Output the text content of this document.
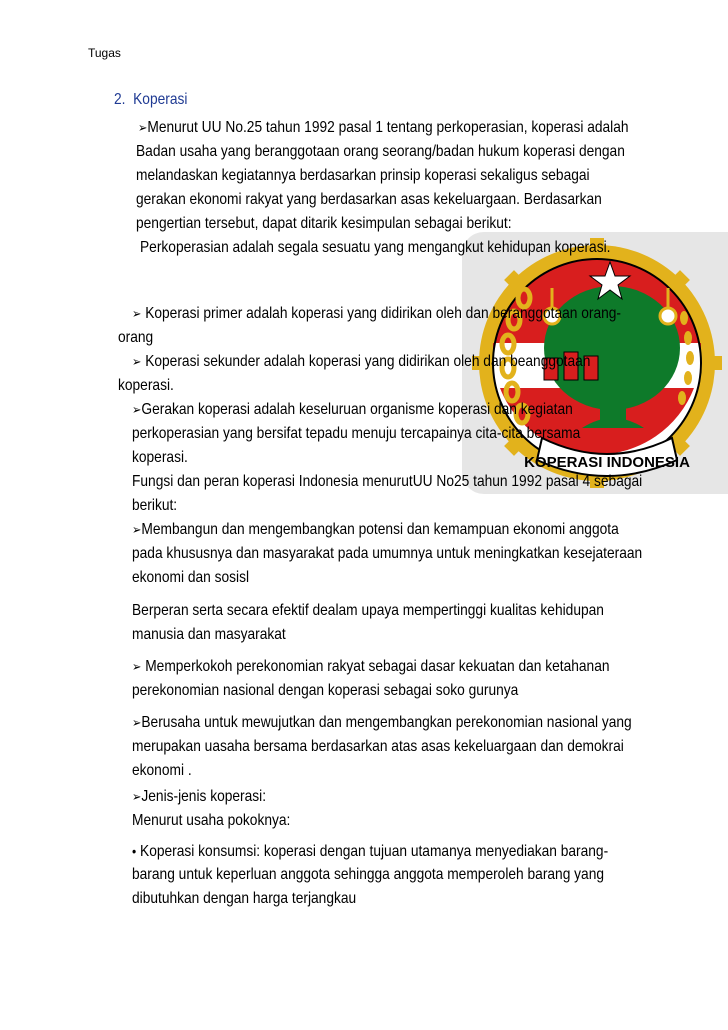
Tugas
KOPERASI INDONESIA
2. Koperasi
➢Menurut UU No.25 tahun 1992 pasal 1 tentang perkoperasian, koperasi adalah
Badan usaha yang beranggotaan orang seorang/badan hukum koperasi dengan
melandaskan kegiatannya berdasarkan prinsip koperasi sekaligus sebagai
gerakan ekonomi rakyat yang berdasarkan asas kekeluargaan. Berdasarkan
pengertian tersebut, dapat ditarik kesimpulan sebagai berikut:
Perkoperasian adalah segala sesuatu yang mengangkut kehidupan koperasi.
➢ Koperasi primer adalah koperasi yang didirikan oleh dan beranggotaan orang-
orang
➢ Koperasi sekunder adalah koperasi yang didirikan oleh dan beanggotaan
koperasi.
➢Gerakan koperasi adalah keseluruan organisme koperasi dan kegiatan
perkoperasian yang bersifat tepadu menuju tercapainya cita-cita bersama
koperasi.
Fungsi dan peran koperasi Indonesia menurutUU No25 tahun 1992 pasal 4 sebagai
berikut:
➢Membangun dan mengembangkan potensi dan kemampuan ekonomi anggota
pada khususnya dan masyarakat pada umumnya untuk meningkatkan kesejateraan
ekonomi dan sosisl
Berperan serta secara efektif dealam upaya mempertinggi kualitas kehidupan
manusia dan masyarakat
➢ Memperkokoh perekonomian rakyat sebagai dasar kekuatan dan ketahanan
perekonomian nasional dengan koperasi sebagai soko gurunya
➢Berusaha untuk mewujutkan dan mengembangkan perekonomian nasional yang
merupakan uasaha bersama berdasarkan atas asas kekeluargaan dan demokrai
ekonomi .
➢Jenis-jenis koperasi:
Menurut usaha pokoknya:
• Koperasi konsumsi: koperasi dengan tujuan utamanya menyediakan barang-
barang untuk keperluan anggota sehingga anggota memperoleh barang yang
dibutuhkan dengan harga terjangkau
